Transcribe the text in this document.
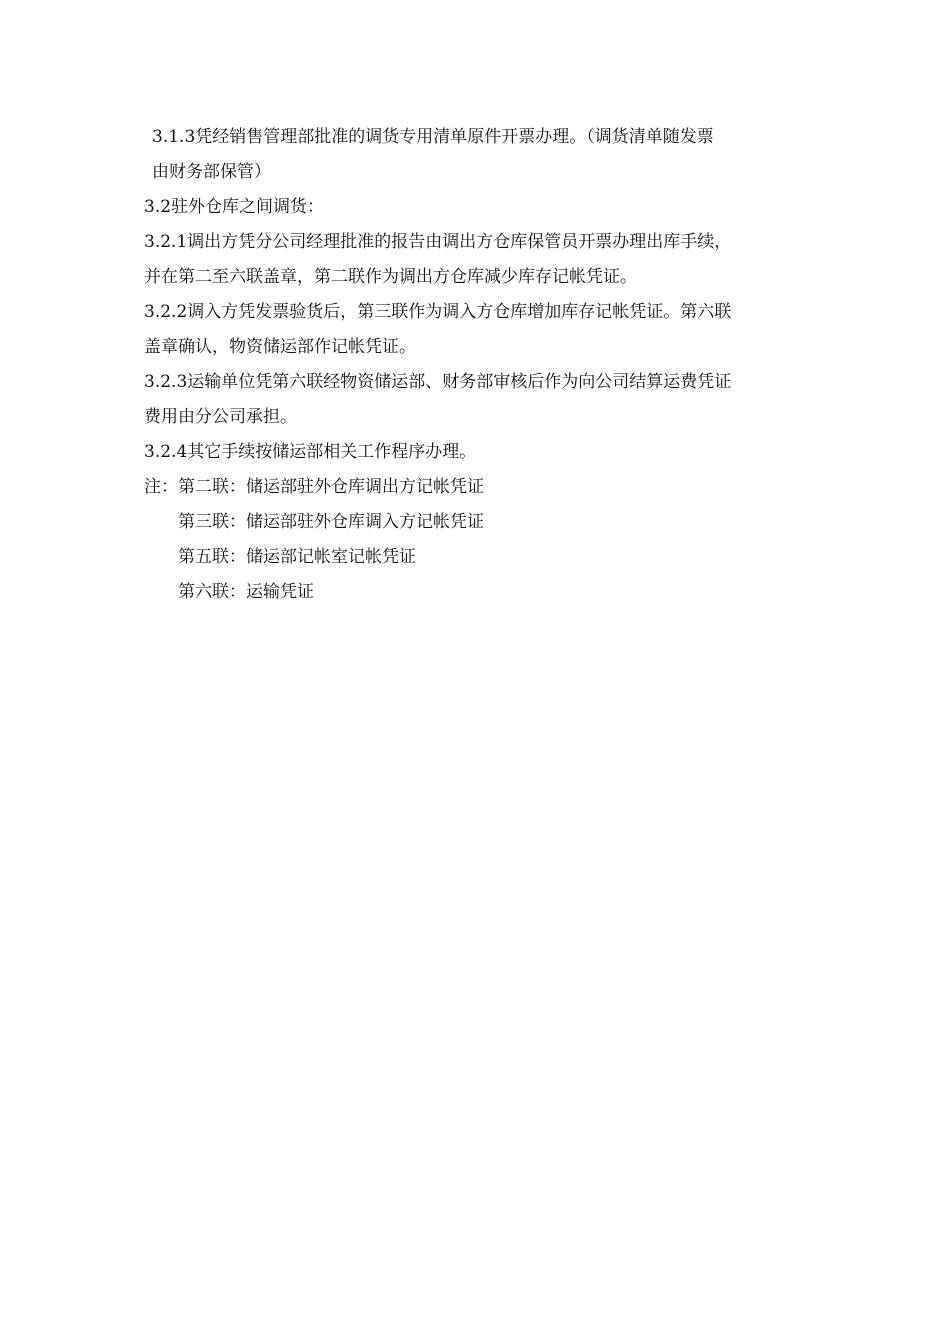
3.1.3凭经销售管理部批准的调货专用清单原件开票办理。（调货清单随发票
由财务部保管）
3.2驻外仓库之间调货：
3.2.1调出方凭分公司经理批准的报告由调出方仓库保管员开票办理出库手续，
并在第二至六联盖章，第二联作为调出方仓库减少库存记帐凭证。
3.2.2调入方凭发票验货后，第三联作为调入方仓库增加库存记帐凭证。第六联
盖章确认，物资储运部作记帐凭证。
3.2.3运输单位凭第六联经物资储运部、财务部审核后作为向公司结算运费凭证
费用由分公司承担。
3.2.4其它手续按储运部相关工作程序办理。
注：第二联：储运部驻外仓库调出方记帐凭证
第三联：储运部驻外仓库调入方记帐凭证
第五联：储运部记帐室记帐凭证
第六联：运输凭证
